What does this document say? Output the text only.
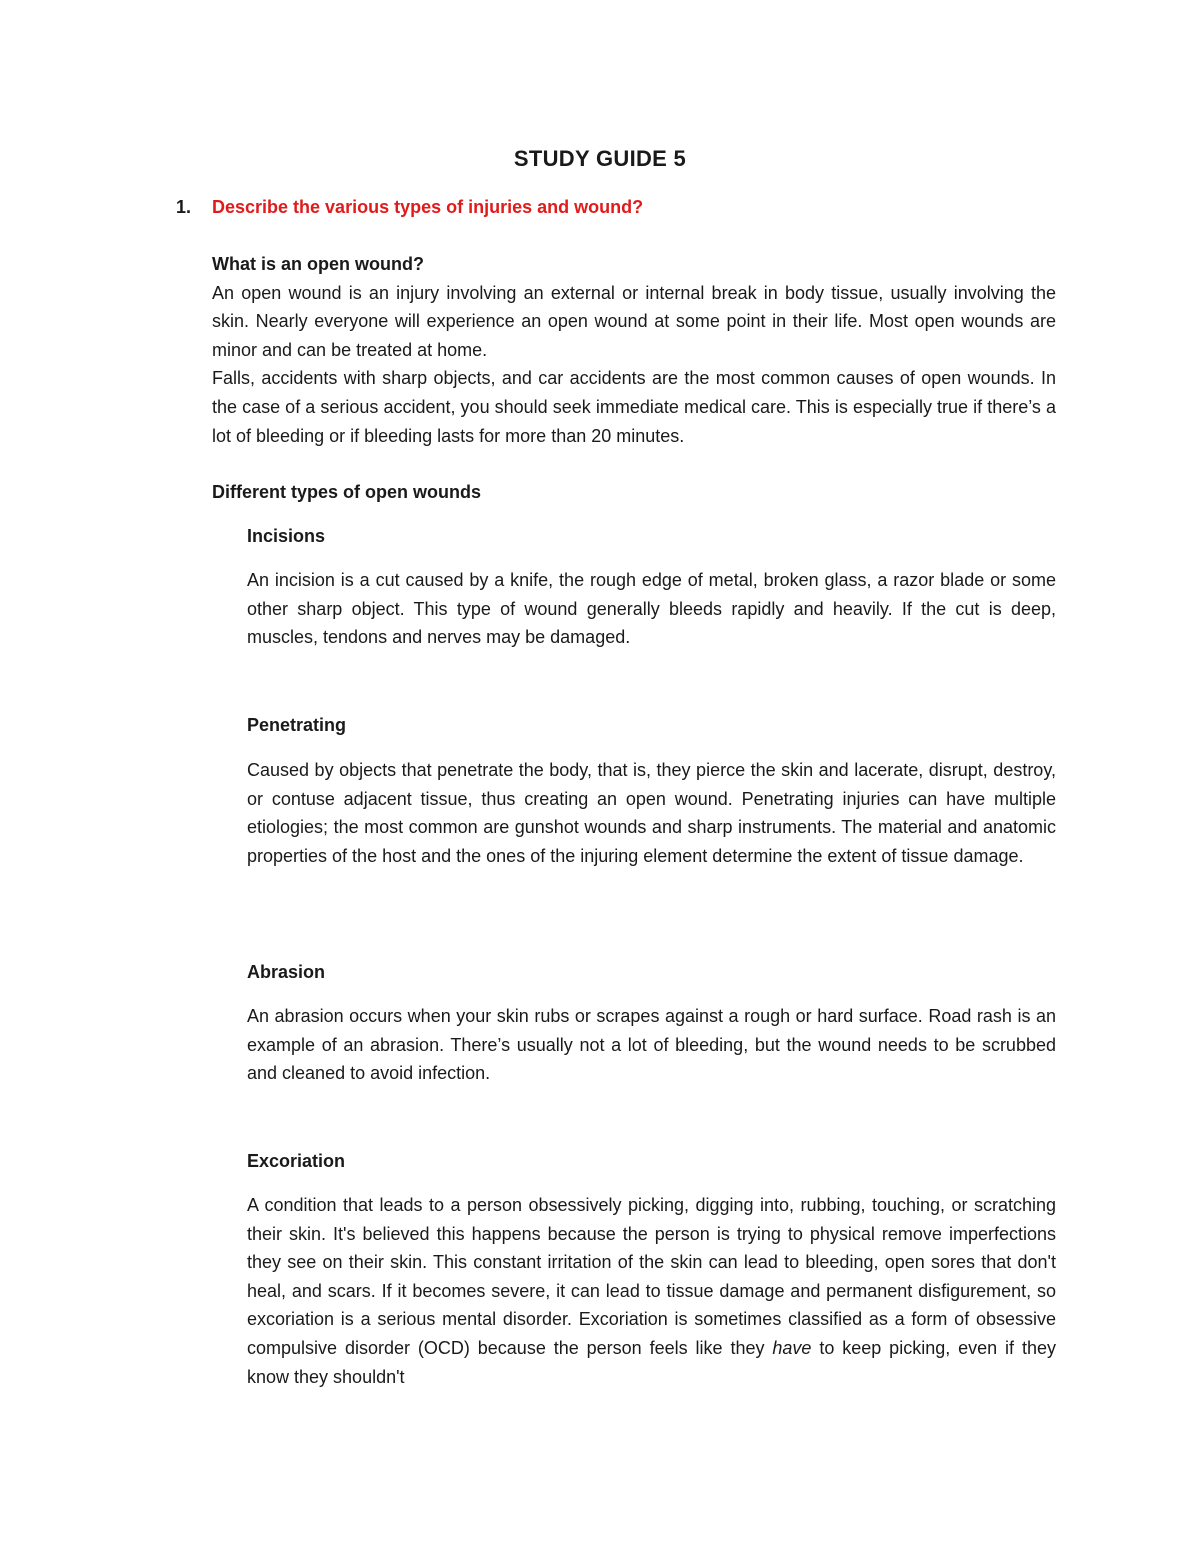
STUDY GUIDE 5
1. Describe the various types of injuries and wound?

What is an open wound?

An open wound is an injury involving an external or internal break in body tissue, usually involving the skin. Nearly everyone will experience an open wound at some point in their life. Most open wounds are minor and can be treated at home.

Falls, accidents with sharp objects, and car accidents are the most common causes of open wounds. In the case of a serious accident, you should seek immediate medical care. This is especially true if there’s a lot of bleeding or if bleeding lasts for more than 20 minutes.

Different types of open wounds

Incisions

An incision is a cut caused by a knife, the rough edge of metal, broken glass, a razor blade or some other sharp object. This type of wound generally bleeds rapidly and heavily. If the cut is deep, muscles, tendons and nerves may be damaged.

Penetrating

Caused by objects that penetrate the body, that is, they pierce the skin and lacerate, disrupt, destroy, or contuse adjacent tissue, thus creating an open wound. Penetrating injuries can have multiple etiologies; the most common are gunshot wounds and sharp instruments. The material and anatomic properties of the host and the ones of the injuring element determine the extent of tissue damage.

Abrasion

An abrasion occurs when your skin rubs or scrapes against a rough or hard surface. Road rash is an example of an abrasion. There’s usually not a lot of bleeding, but the wound needs to be scrubbed and cleaned to avoid infection.

Excoriation

A condition that leads to a person obsessively picking, digging into, rubbing, touching, or scratching their skin. It's believed this happens because the person is trying to physical remove imperfections they see on their skin. This constant irritation of the skin can lead to bleeding, open sores that don't heal, and scars. If it becomes severe, it can lead to tissue damage and permanent disfigurement, so excoriation is a serious mental disorder. Excoriation is sometimes classified as a form of obsessive compulsive disorder (OCD) because the person feels like they have to keep picking, even if they know they shouldn't
